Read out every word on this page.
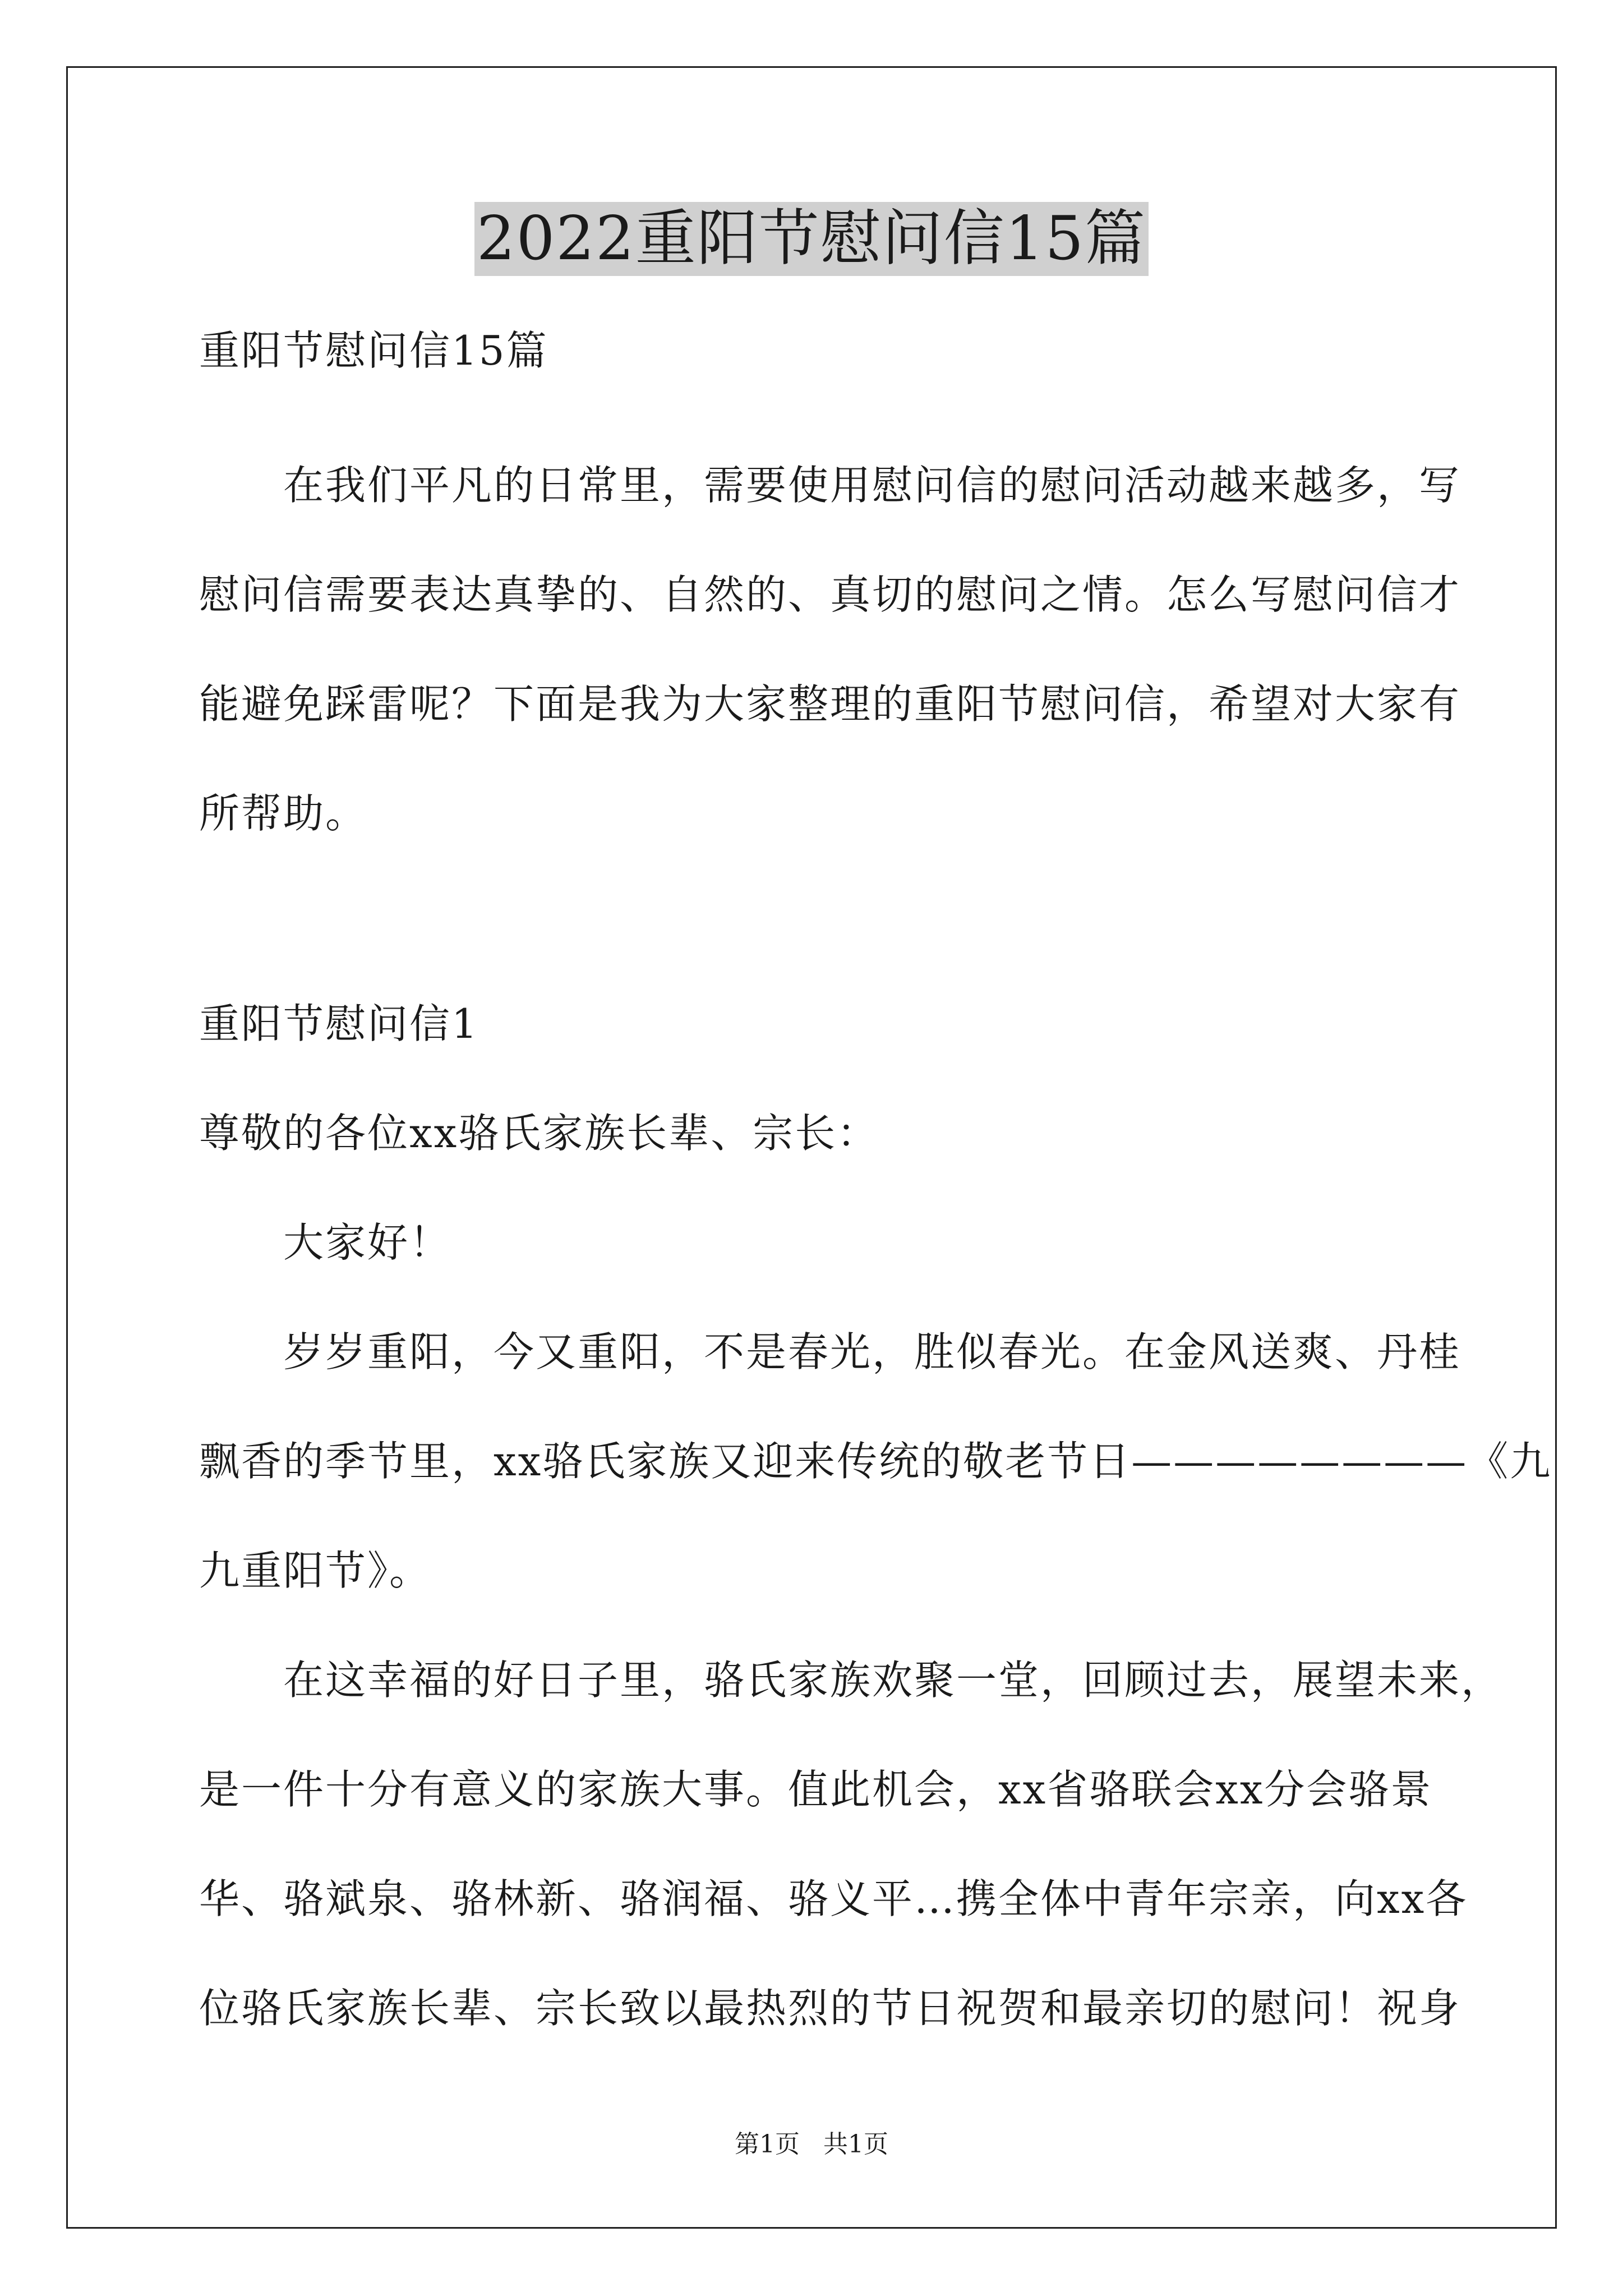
2022重阳节慰问信15篇
重阳节慰问信15篇
　　在我们平凡的日常里，需要使用慰问信的慰问活动越来越多，写
慰问信需要表达真挚的、自然的、真切的慰问之情。怎么写慰问信才
能避免踩雷呢？下面是我为大家整理的重阳节慰问信，希望对大家有
所帮助。
重阳节慰问信1
尊敬的各位xx骆氏家族长辈、宗长：
　　大家好！
　　岁岁重阳，今又重阳，不是春光，胜似春光。在金风送爽、丹桂
飘香的季节里，xx骆氏家族又迎来传统的敬老节日————————《九
九重阳节》。
　　在这幸福的好日子里，骆氏家族欢聚一堂，回顾过去，展望未来，
是一件十分有意义的家族大事。值此机会，xx省骆联会xx分会骆景
华、骆斌泉、骆林新、骆润福、骆义平…携全体中青年宗亲，向xx各
位骆氏家族长辈、宗长致以最热烈的节日祝贺和最亲切的慰问！祝身
第1页 共1页
